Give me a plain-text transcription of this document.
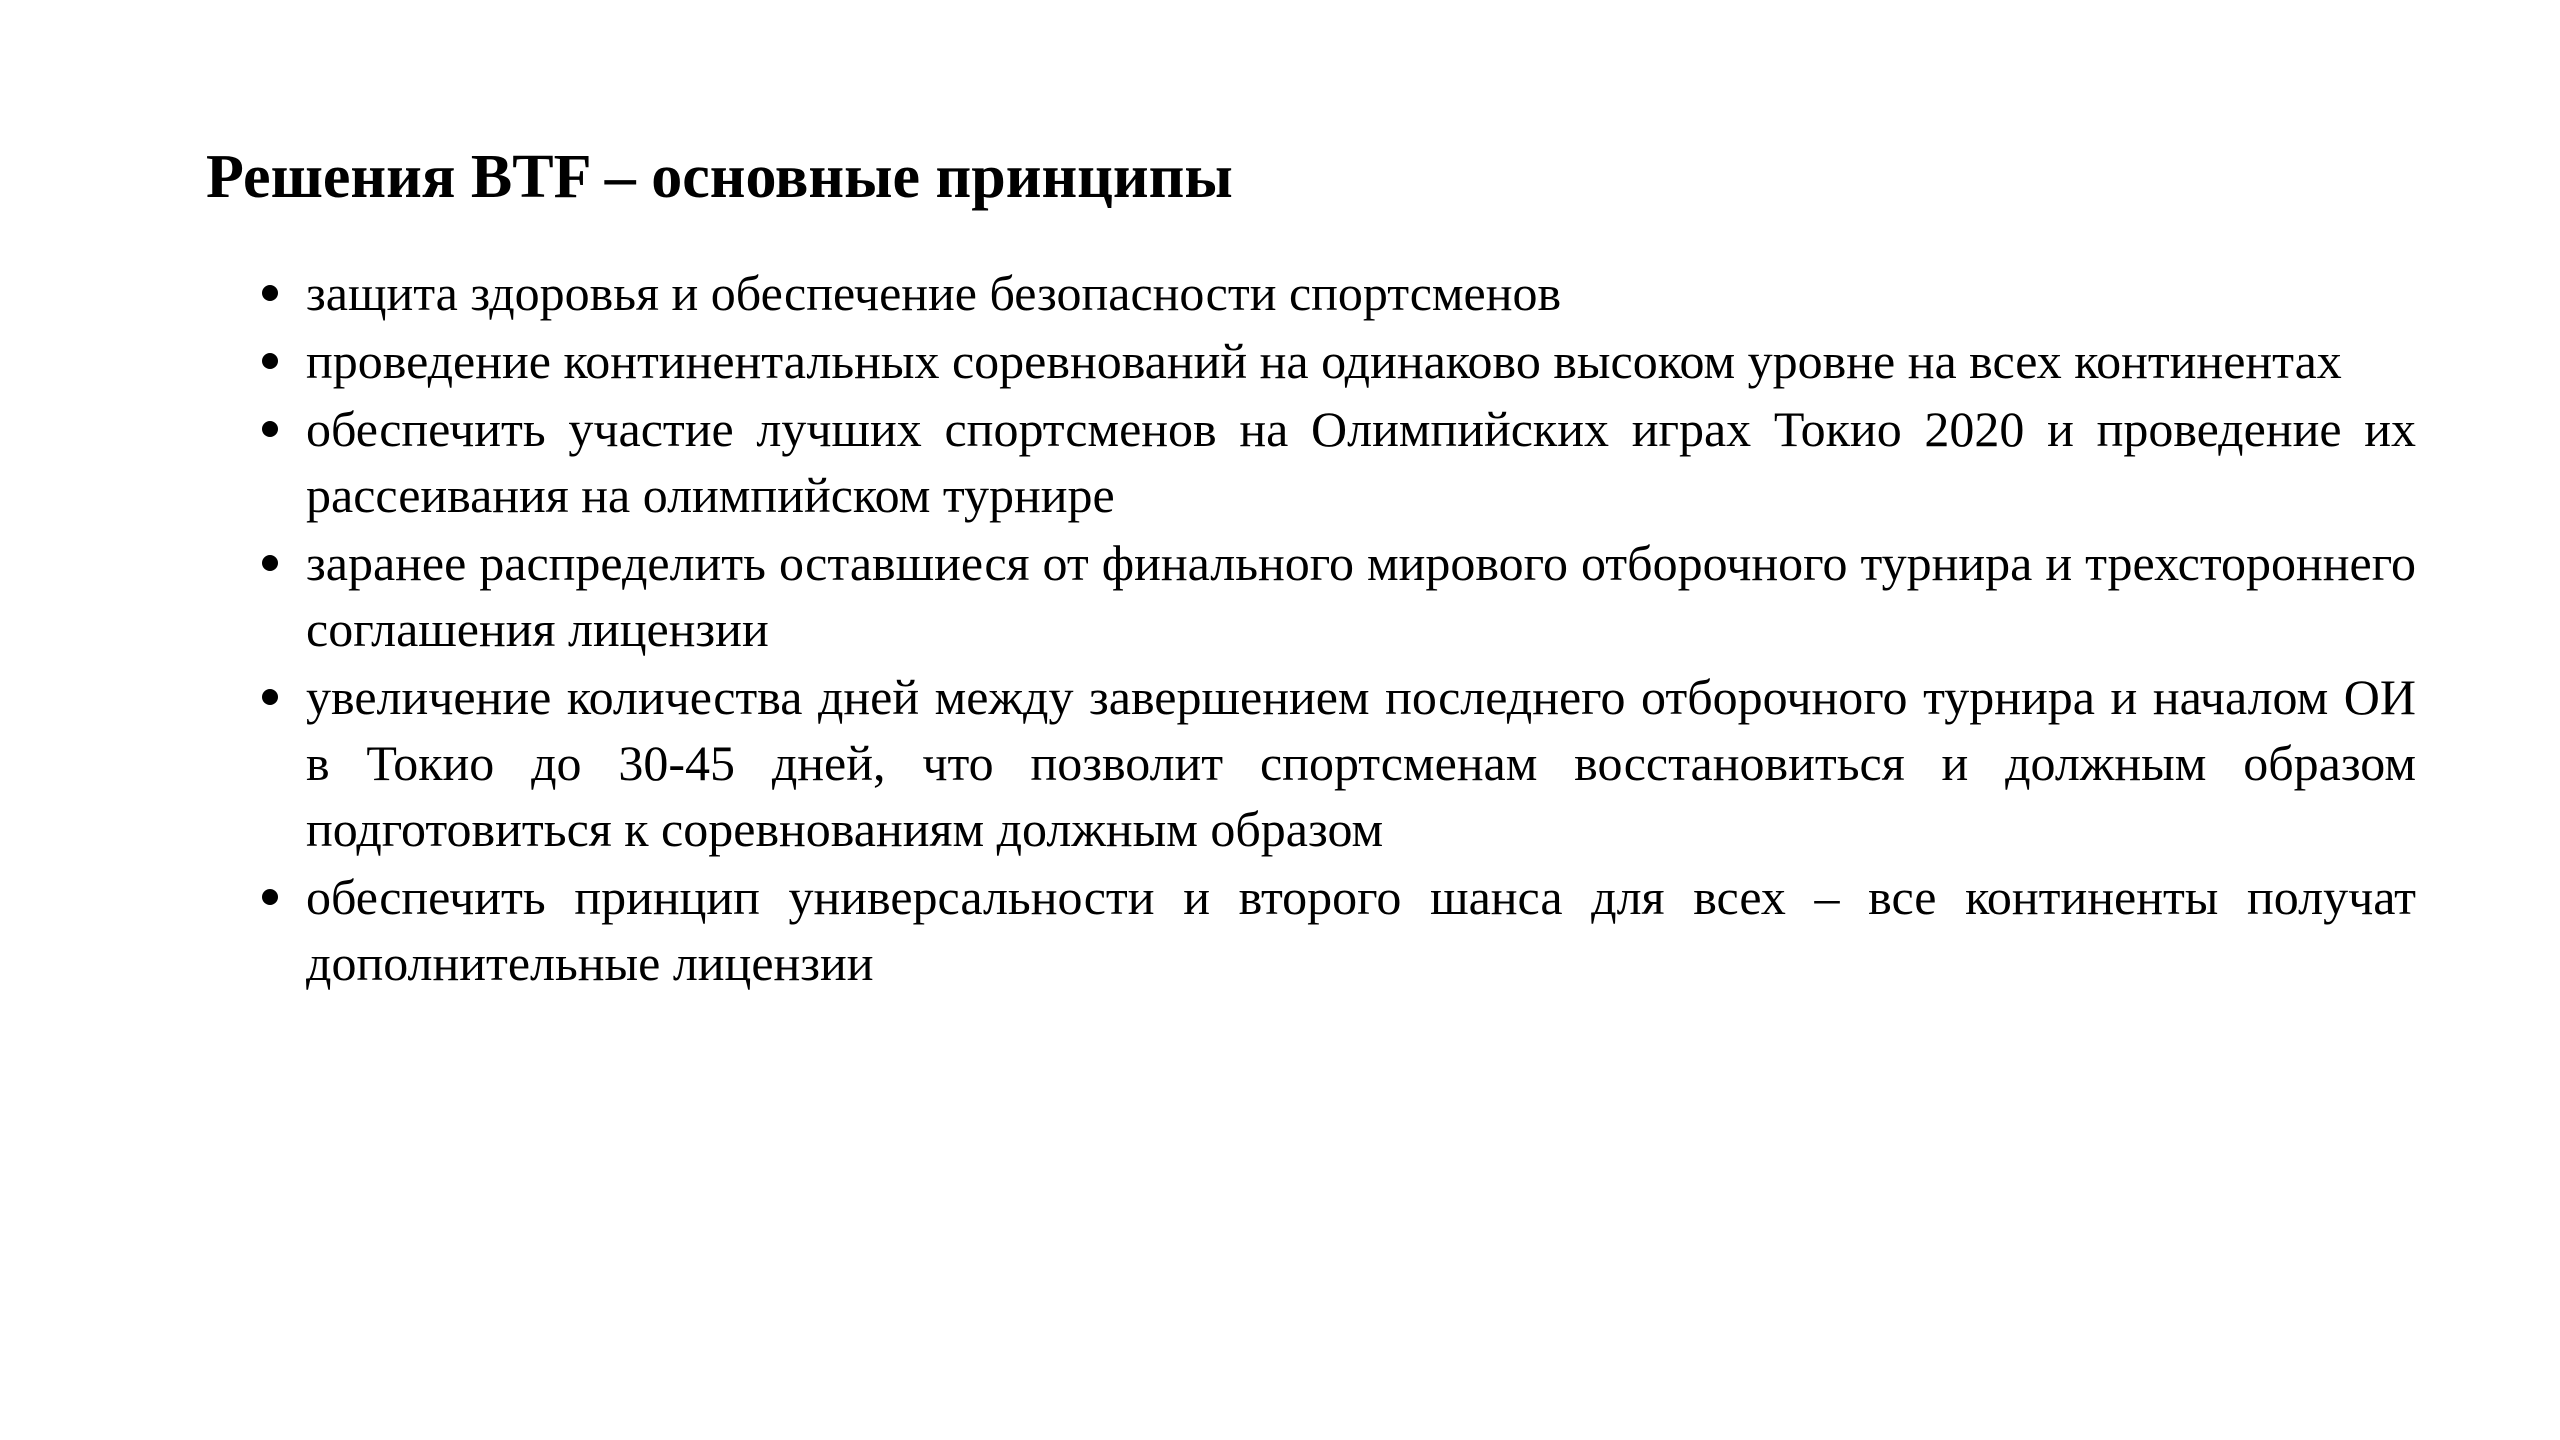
Решения BTF – основные принципы
защита здоровья и обеспечение безопасности спортсменов
проведение континентальных соревнований на одинаково высоком уровне на всех континентах
обеспечить участие лучших спортсменов на Олимпийских играх Токио 2020 и проведение их рассеивания на олимпийском турнире
заранее распределить оставшиеся от финального мирового отборочного турнира и трехстороннего соглашения лицензии
увеличение количества дней между завершением последнего отборочного турнира и началом ОИ в Токио до 30-45 дней, что позволит спортсменам восстановиться и должным образом подготовиться к соревнованиям должным образом
обеспечить принцип универсальности и второго шанса для всех – все континенты получат дополнительные лицензии
